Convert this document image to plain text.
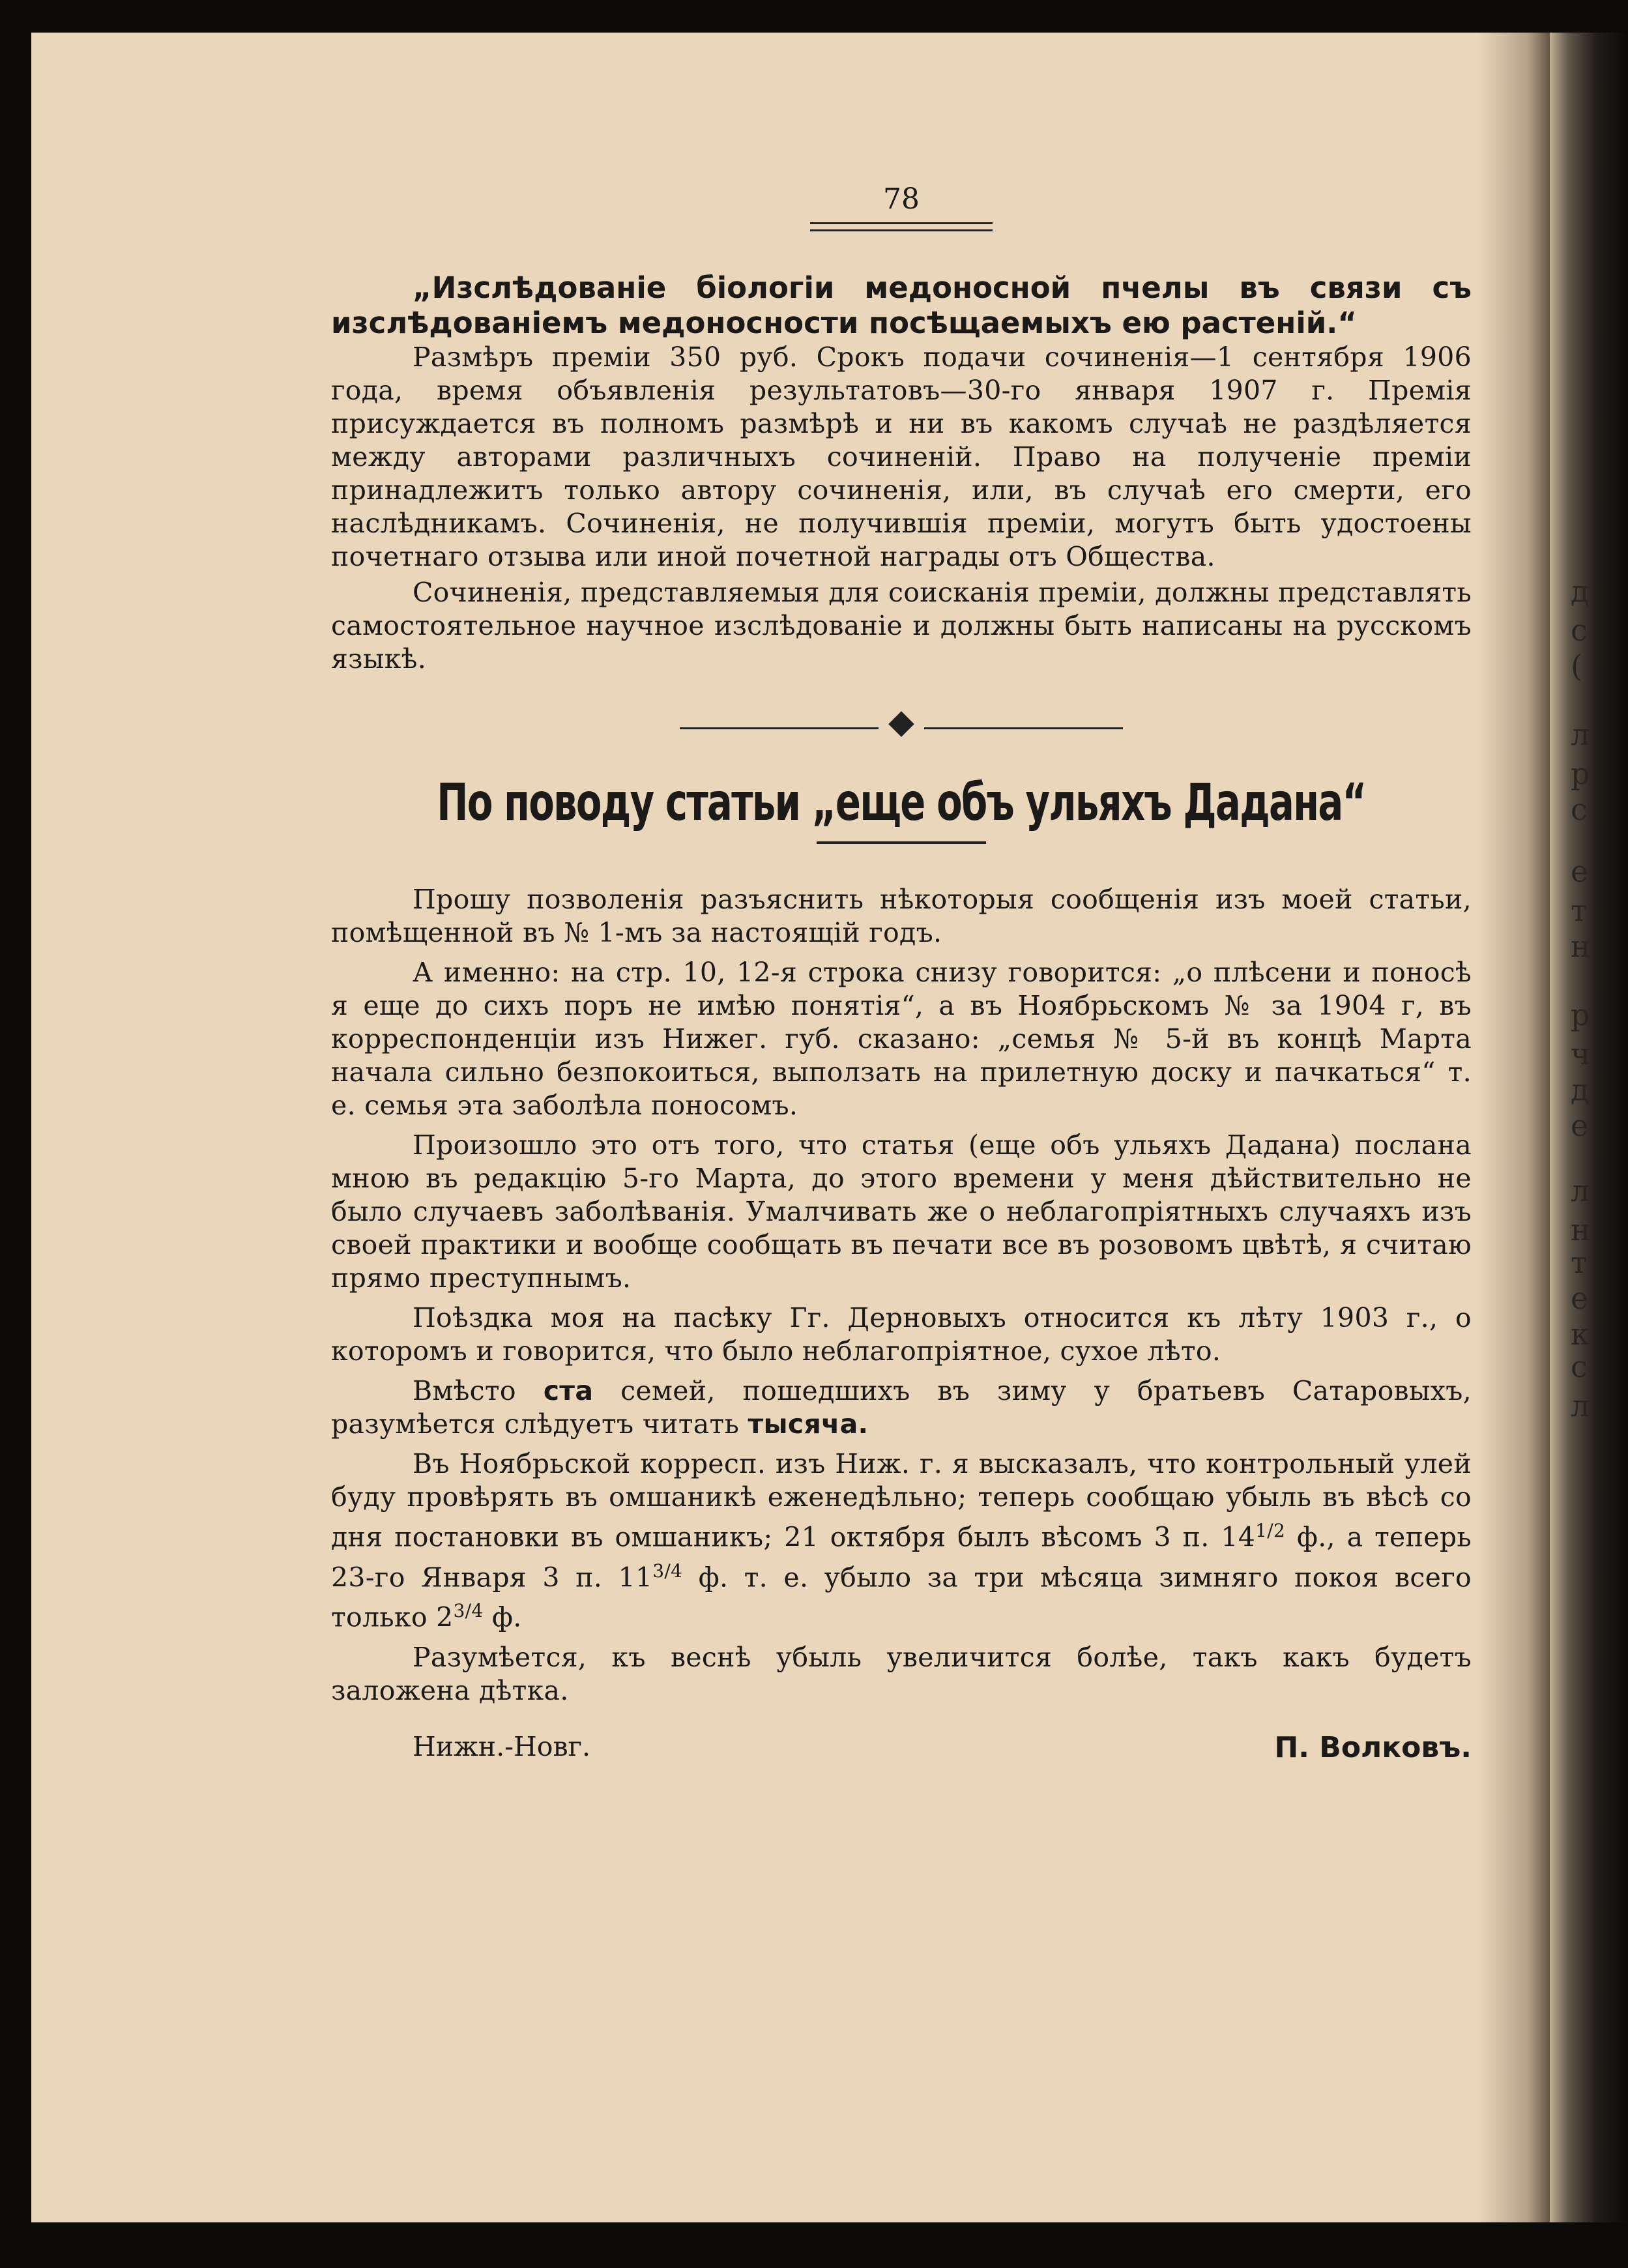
д
с
(
л
р
с
е
т
н
р
ч
д
е
л
н
т
е
к
с
л
78
„Изслѣдованіе біологіи медоносной пчелы въ связи съ изслѣдованіемъ медоносности посѣщаемыхъ ею растеній.“

Размѣръ преміи 350 руб. Срокъ подачи сочиненія—1 сентября 1906 года, время объявленія результатовъ—30-го января 1907 г. Премія присуждается въ полномъ размѣрѣ и ни въ какомъ случаѣ не раздѣляется между авторами различныхъ сочиненій. Право на полученіе преміи принадлежитъ только автору сочиненія, или, въ случаѣ его смерти, его наслѣдникамъ. Сочиненія, не получившія преміи, могутъ быть удостоены почетнаго отзыва или иной почетной награды отъ Общества.

Сочиненія, представляемыя для соисканія преміи, должны представлять самостоятельное научное изслѣдованіе и должны быть написаны на русскомъ языкѣ.

По поводу статьи „еще объ ульяхъ Дадана“

Прошу позволенія разъяснить нѣкоторыя сообщенія изъ моей статьи, помѣщенной въ № 1-мъ за настоящій годъ.

А именно: на стр. 10, 12-я строка снизу говорится: „о плѣсени и поносѣ я еще до сихъ поръ не имѣю понятія“, а въ Ноябрьскомъ № за 1904 г, въ корреспонденціи изъ Нижег. губ. сказано: „семья № 5-й въ концѣ Марта начала сильно безпокоиться, выползать на прилетную доску и пачкаться“ т. е. семья эта заболѣла поносомъ.

Произошло это отъ того, что статья (еще объ ульяхъ Дадана) послана мною въ редакцію 5-го Марта, до этого времени у меня дѣйствительно не было случаевъ заболѣванія. Умалчивать же о неблагопріятныхъ случаяхъ изъ своей практики и вообще сообщать въ печати все въ розовомъ цвѣтѣ, я считаю прямо преступнымъ.

Поѣздка моя на пасѣку Гг. Дерновыхъ относится къ лѣту 1903 г., о которомъ и говорится, что было неблагопріятное, сухое лѣто.

Вмѣсто ста семей, пошедшихъ въ зиму у братьевъ Сатаровыхъ, разумѣется слѣдуетъ читать тысяча.

Въ Ноябрьской корресп. изъ Ниж. г. я высказалъ, что контрольный улей буду провѣрять въ омшаникѣ еженедѣльно; теперь сообщаю убыль въ вѣсѣ со дня постановки въ омшаникъ; 21 октября былъ вѣсомъ 3 п. $14^{1/2}$ ф., а теперь 23-го Января 3 п. $11^{3/4}$ ф. т. е. убыло за три мѣсяца зимняго покоя всего только $2^{3/4}$ ф.

Разумѣется, къ веснѣ убыль увеличится болѣе, такъ какъ будетъ заложена дѣтка.

Нижн.-Новг.	П. Волковъ.
